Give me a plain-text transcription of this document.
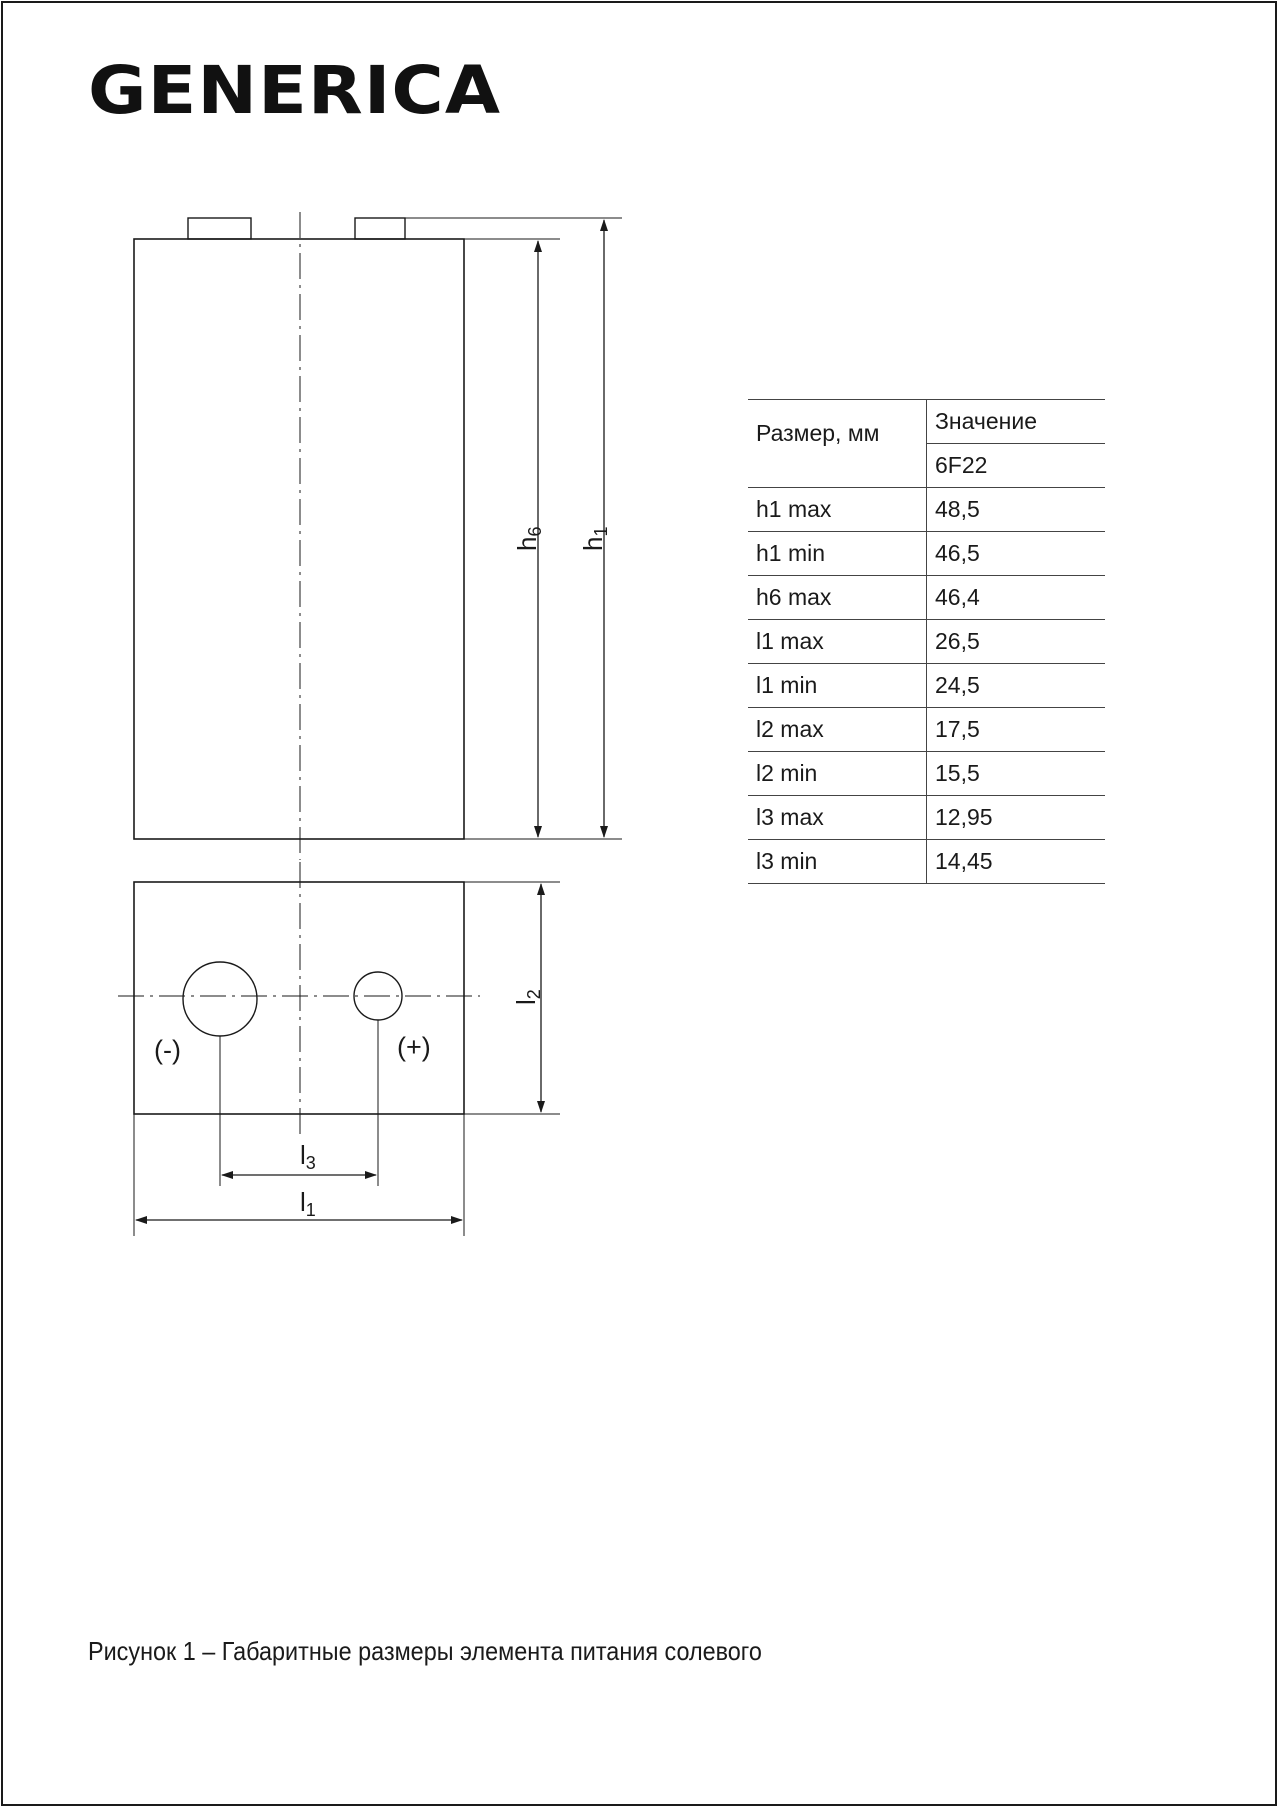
GENERICA
h6
h1
(-)	(+)
l2
l3
l1
Размер, мм	Значение
	6F22
h1 max	48,5
h1 min	46,5
h6 max	46,4
l1 max	26,5
l1 min	24,5
l2 max	17,5
l2 min	15,5
l3 max	12,95
l3 min	14,45
Рисунок 1 – Габаритные размеры элемента питания солевого
